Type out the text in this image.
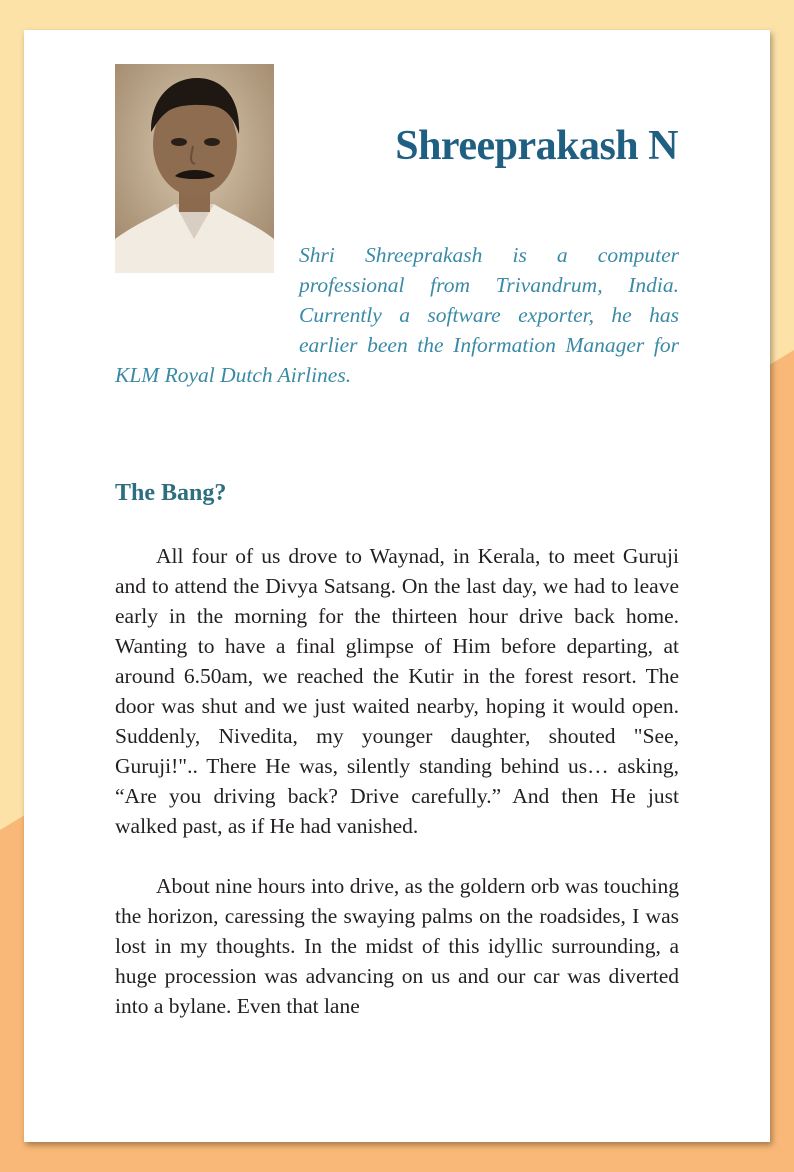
Shreeprakash N

Shri Shreeprakash is a computer professional from Trivandrum, India. Currently a software exporter, he has earlier been the Information Manager for KLM Royal Dutch Airlines.

The Bang?

All four of us drove to Waynad, in Kerala, to meet Guruji and to attend the Divya Satsang. On the last day, we had to leave early in the morning for the thirteen hour drive back home. Wanting to have a final glimpse of Him before departing, at around 6.50am, we reached the Kutir in the forest resort. The door was shut and we just waited nearby, hoping it would open. Suddenly, Nivedita, my younger daughter, shouted "See, Guruji!".. There He was, silently standing behind us… asking, “Are you driving back? Drive carefully.” And then He just walked past, as if He had vanished.

About nine hours into drive, as the goldern orb was touching the horizon, caressing the swaying palms on the roadsides, I was lost in my thoughts. In the midst of this idyllic surrounding, a huge procession was advancing on us and our car was diverted into a bylane. Even that lane
